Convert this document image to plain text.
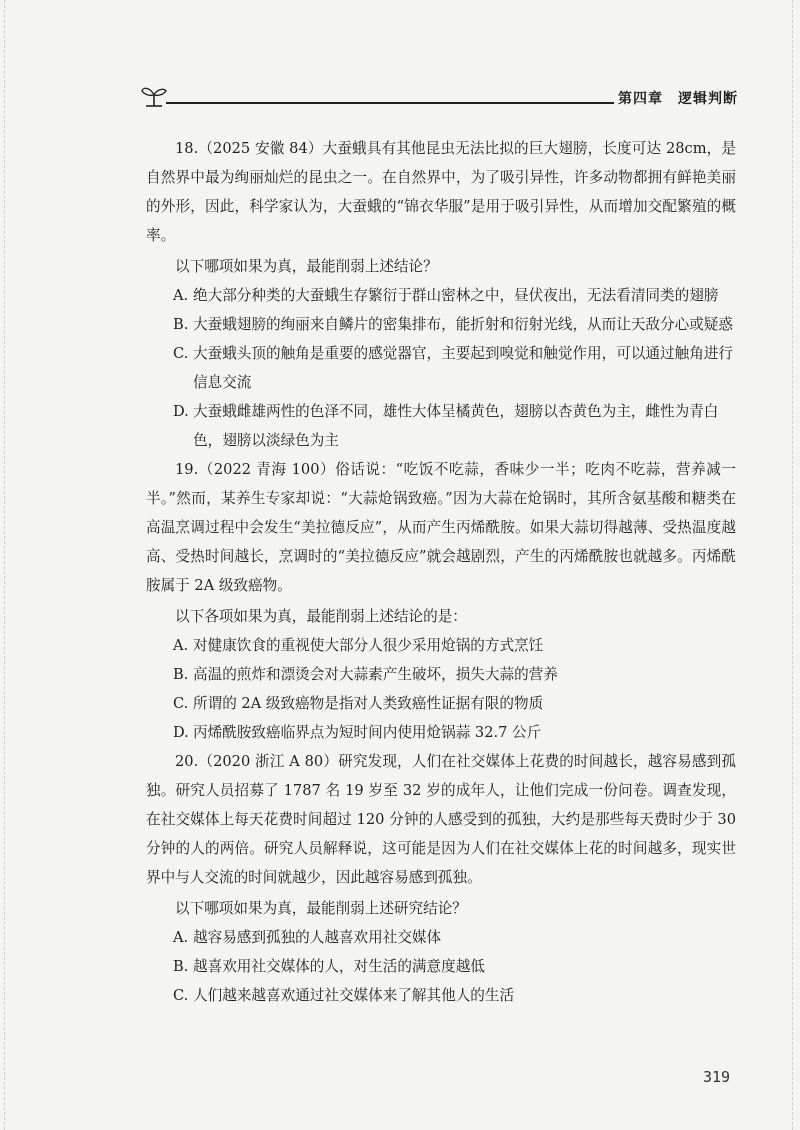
第四章　逻辑判断

18.（2025 安徽 84）大蚕蛾具有其他昆虫无法比拟的巨大翅膀，长度可达 28cm，是自然界中最为绚丽灿烂的昆虫之一。在自然界中，为了吸引异性，许多动物都拥有鲜艳美丽的外形，因此，科学家认为，大蚕蛾的“锦衣华服”是用于吸引异性，从而增加交配繁殖的概率。

以下哪项如果为真，最能削弱上述结论？

A. 绝大部分种类的大蚕蛾生存繁衍于群山密林之中，昼伏夜出，无法看清同类的翅膀

B. 大蚕蛾翅膀的绚丽来自鳞片的密集排布，能折射和衍射光线，从而让天敌分心或疑惑

C. 大蚕蛾头顶的触角是重要的感觉器官，主要起到嗅觉和触觉作用，可以通过触角进行信息交流

D. 大蚕蛾雌雄两性的色泽不同，雄性大体呈橘黄色，翅膀以杏黄色为主，雌性为青白色，翅膀以淡绿色为主

19.（2022 青海 100）俗话说：“吃饭不吃蒜，香味少一半；吃肉不吃蒜，营养减一半。”然而，某养生专家却说：“大蒜炝锅致癌。”因为大蒜在炝锅时，其所含氨基酸和糖类在高温烹调过程中会发生“美拉德反应”，从而产生丙烯酰胺。如果大蒜切得越薄、受热温度越高、受热时间越长，烹调时的“美拉德反应”就会越剧烈，产生的丙烯酰胺也就越多。丙烯酰胺属于 2A 级致癌物。

以下各项如果为真，最能削弱上述结论的是：

A. 对健康饮食的重视使大部分人很少采用炝锅的方式烹饪

B. 高温的煎炸和漂烫会对大蒜素产生破坏，损失大蒜的营养

C. 所谓的 2A 级致癌物是指对人类致癌性证据有限的物质

D. 丙烯酰胺致癌临界点为短时间内使用炝锅蒜 32.7 公斤

20.（2020 浙江 A 80）研究发现，人们在社交媒体上花费的时间越长，越容易感到孤独。研究人员招募了 1787 名 19 岁至 32 岁的成年人，让他们完成一份问卷。调查发现，在社交媒体上每天花费时间超过 120 分钟的人感受到的孤独，大约是那些每天费时少于 30 分钟的人的两倍。研究人员解释说，这可能是因为人们在社交媒体上花的时间越多，现实世界中与人交流的时间就越少，因此越容易感到孤独。

以下哪项如果为真，最能削弱上述研究结论？

A. 越容易感到孤独的人越喜欢用社交媒体

B. 越喜欢用社交媒体的人，对生活的满意度越低

C. 人们越来越喜欢通过社交媒体来了解其他人的生活

319
